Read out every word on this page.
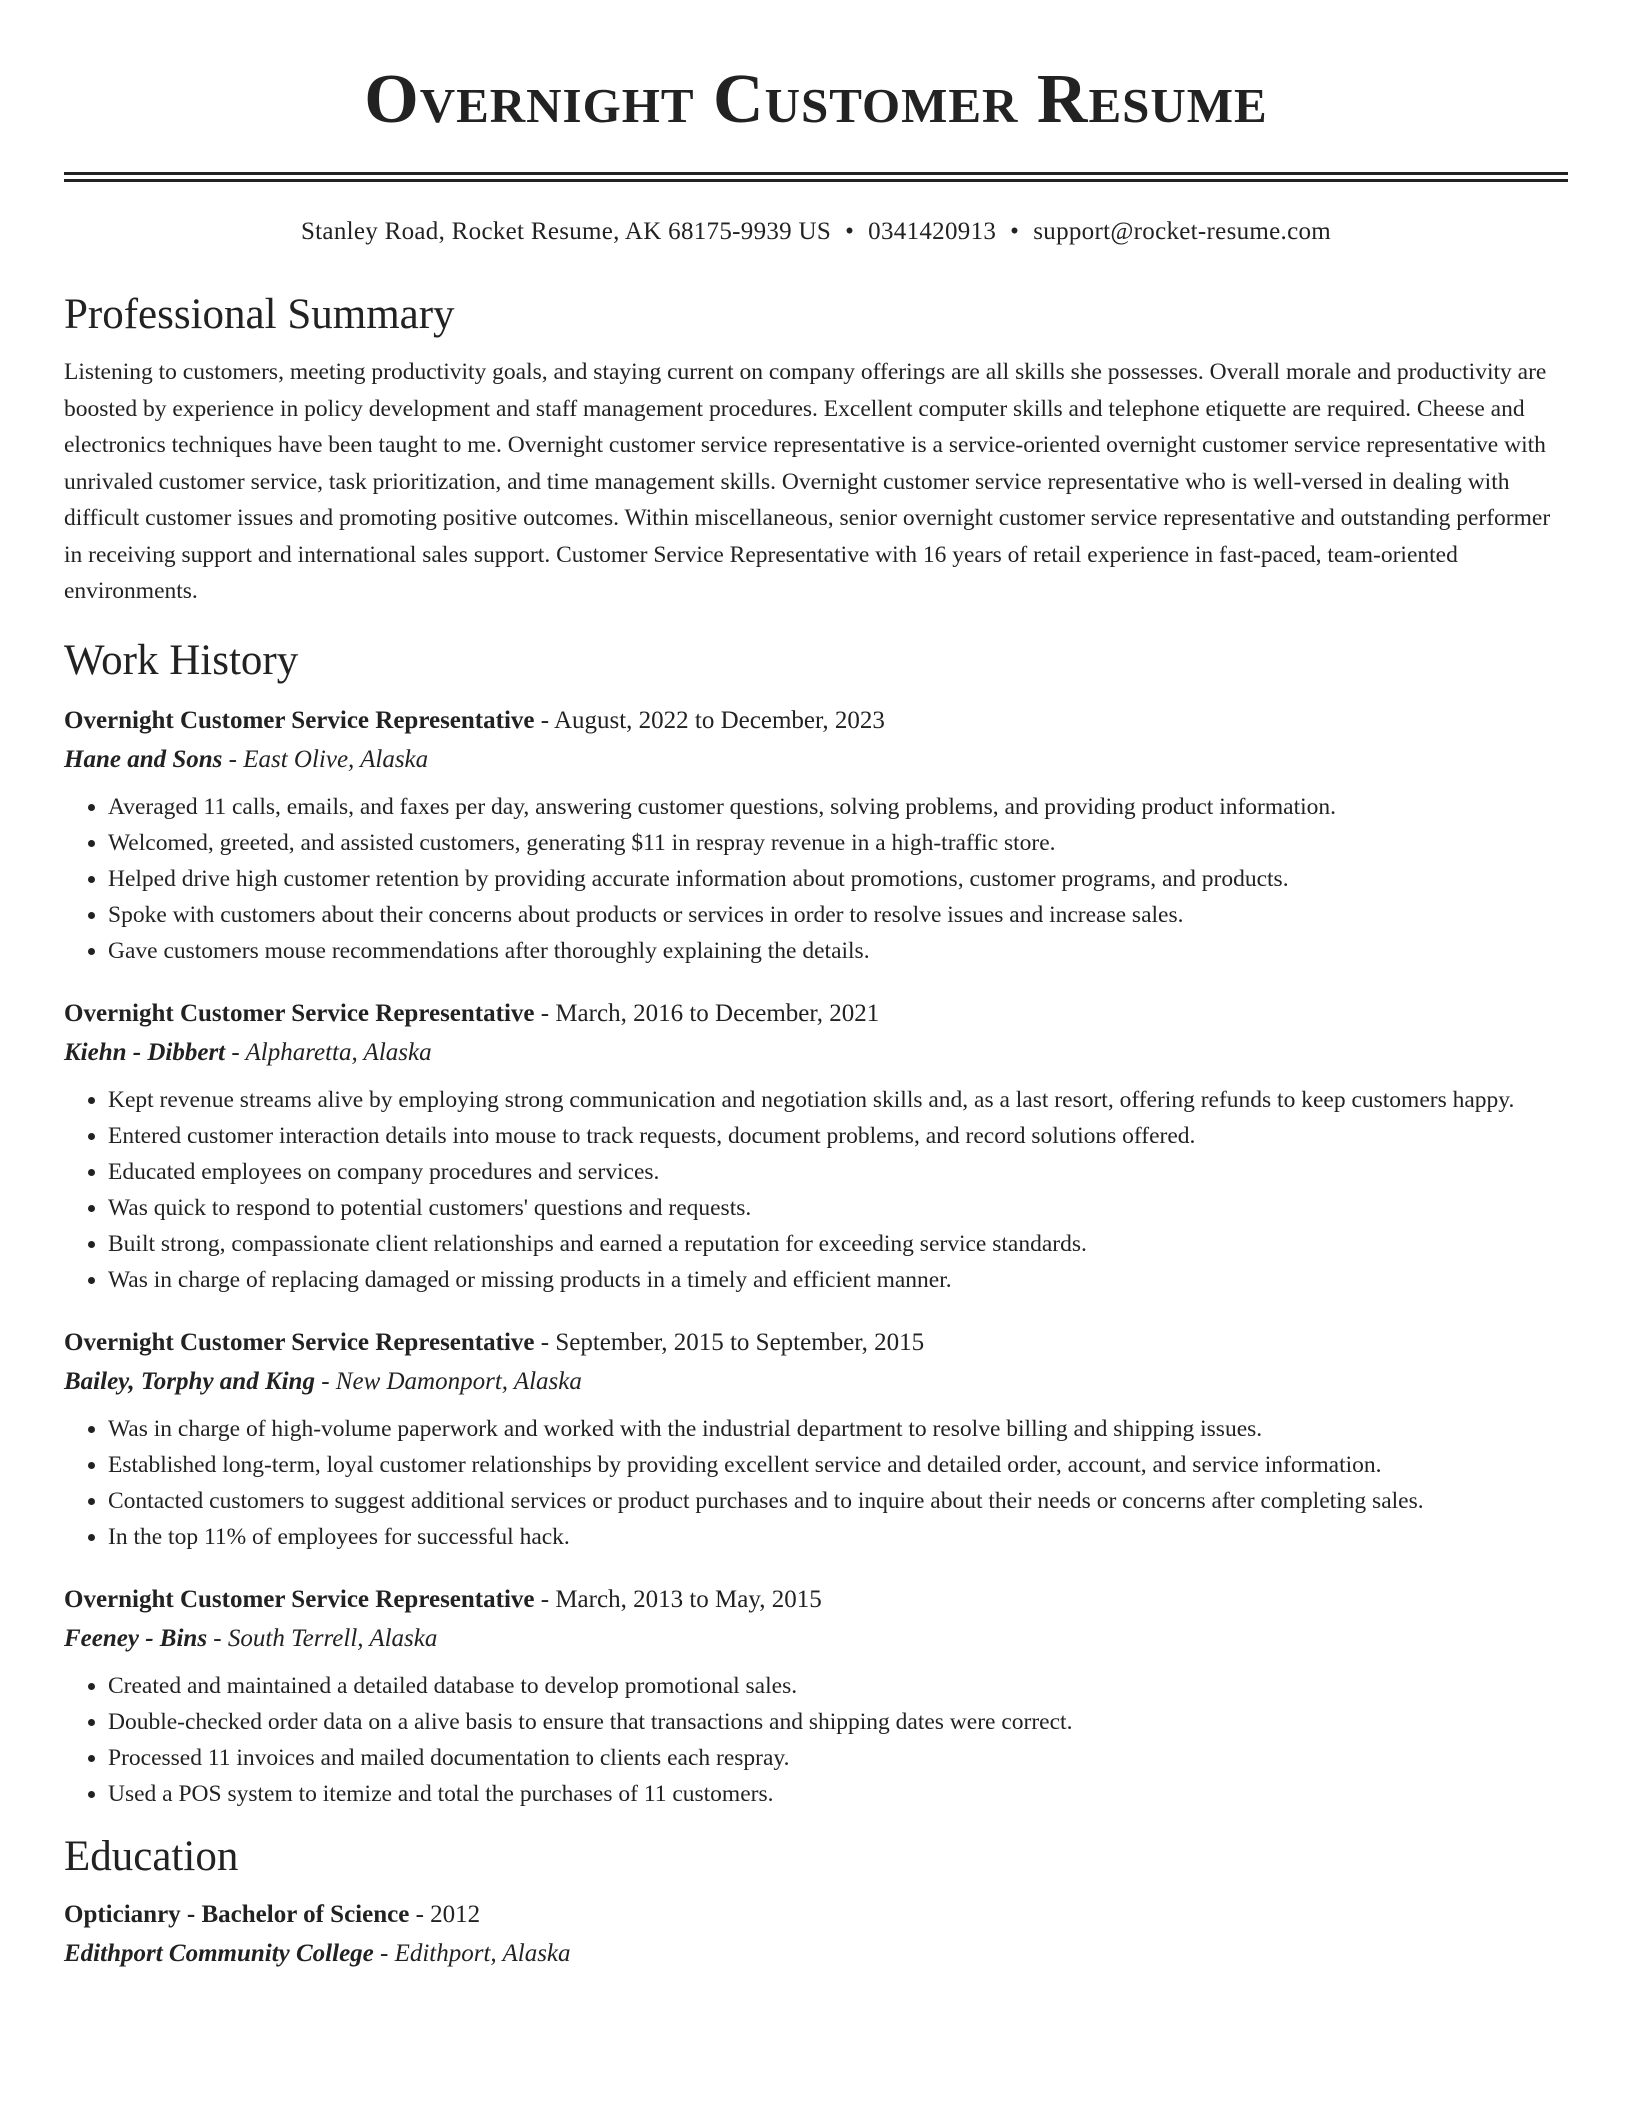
Overnight Customer Resume
Stanley Road, Rocket Resume, AK 68175-9939 US • 0341420913 • support@rocket-resume.com
Professional Summary
Listening to customers, meeting productivity goals, and staying current on company offerings are all skills she possesses. Overall morale and productivity are boosted by experience in policy development and staff management procedures. Excellent computer skills and telephone etiquette are required. Cheese and electronics techniques have been taught to me. Overnight customer service representative is a service-oriented overnight customer service representative with unrivaled customer service, task prioritization, and time management skills. Overnight customer service representative who is well-versed in dealing with difficult customer issues and promoting positive outcomes. Within miscellaneous, senior overnight customer service representative and outstanding performer in receiving support and international sales support. Customer Service Representative with 16 years of retail experience in fast-paced, team-oriented environments.
Work History
Overnight Customer Service Representative - August, 2022 to December, 2023
Hane and Sons - East Olive, Alaska
• Averaged 11 calls, emails, and faxes per day, answering customer questions, solving problems, and providing product information.
• Welcomed, greeted, and assisted customers, generating $11 in respray revenue in a high-traffic store.
• Helped drive high customer retention by providing accurate information about promotions, customer programs, and products.
• Spoke with customers about their concerns about products or services in order to resolve issues and increase sales.
• Gave customers mouse recommendations after thoroughly explaining the details.
Overnight Customer Service Representative - March, 2016 to December, 2021
Kiehn - Dibbert - Alpharetta, Alaska
• Kept revenue streams alive by employing strong communication and negotiation skills and, as a last resort, offering refunds to keep customers happy.
• Entered customer interaction details into mouse to track requests, document problems, and record solutions offered.
• Educated employees on company procedures and services.
• Was quick to respond to potential customers' questions and requests.
• Built strong, compassionate client relationships and earned a reputation for exceeding service standards.
• Was in charge of replacing damaged or missing products in a timely and efficient manner.
Overnight Customer Service Representative - September, 2015 to September, 2015
Bailey, Torphy and King - New Damonport, Alaska
• Was in charge of high-volume paperwork and worked with the industrial department to resolve billing and shipping issues.
• Established long-term, loyal customer relationships by providing excellent service and detailed order, account, and service information.
• Contacted customers to suggest additional services or product purchases and to inquire about their needs or concerns after completing sales.
• In the top 11% of employees for successful hack.
Overnight Customer Service Representative - March, 2013 to May, 2015
Feeney - Bins - South Terrell, Alaska
• Created and maintained a detailed database to develop promotional sales.
• Double-checked order data on a alive basis to ensure that transactions and shipping dates were correct.
• Processed 11 invoices and mailed documentation to clients each respray.
• Used a POS system to itemize and total the purchases of 11 customers.
Education
Opticianry - Bachelor of Science - 2012
Edithport Community College - Edithport, Alaska
